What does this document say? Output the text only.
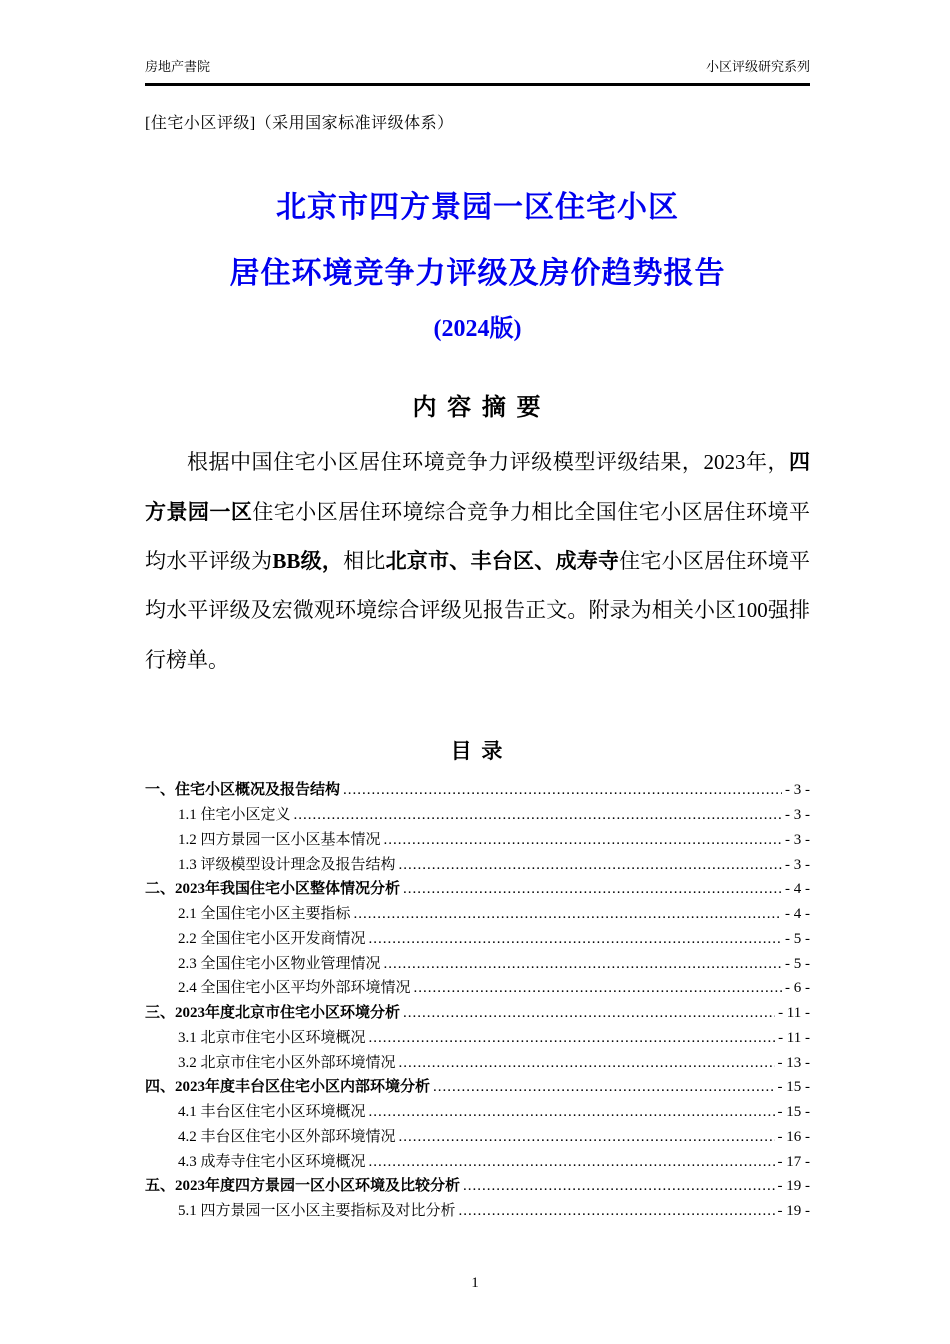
房地产書院	小区评级研究系列
[住宅小区评级]（采用国家标准评级体系）
北京市四方景园一区住宅小区
居住环境竞争力评级及房价趋势报告
(2024版)
内 容 摘 要

根据中国住宅小区居住环境竞争力评级模型评级结果，2023年，四方景园一区住宅小区居住环境综合竞争力相比全国住宅小区居住环境平均水平评级为BB级，相比北京市、丰台区、成寿寺住宅小区居住环境平均水平评级及宏微观环境综合评级见报告正文。附录为相关小区100强排行榜单。

目 录
一、住宅小区概况及报告结构 .....	- 3 -
1.1 住宅小区定义 .....	- 3 -
1.2 四方景园一区小区基本情况 .....	- 3 -
1.3 评级模型设计理念及报告结构 .....	- 3 -
二、2023年我国住宅小区整体情况分析 .....	- 4 -
2.1 全国住宅小区主要指标 .....	- 4 -
2.2 全国住宅小区开发商情况 .....	- 5 -
2.3 全国住宅小区物业管理情况 .....	- 5 -
2.4 全国住宅小区平均外部环境情况 .....	- 6 -
三、2023年度北京市住宅小区环境分析 .....	- 11 -
3.1 北京市住宅小区环境概况 .....	- 11 -
3.2 北京市住宅小区外部环境情况 .....	- 13 -
四、2023年度丰台区住宅小区内部环境分析 .....	- 15 -
4.1 丰台区住宅小区环境概况 .....	- 15 -
4.2 丰台区住宅小区外部环境情况 .....	- 16 -
4.3 成寿寺住宅小区环境概况 .....	- 17 -
五、2023年度四方景园一区小区环境及比较分析 .....	- 19 -
5.1 四方景园一区小区主要指标及对比分析 .....	- 19 -
1
